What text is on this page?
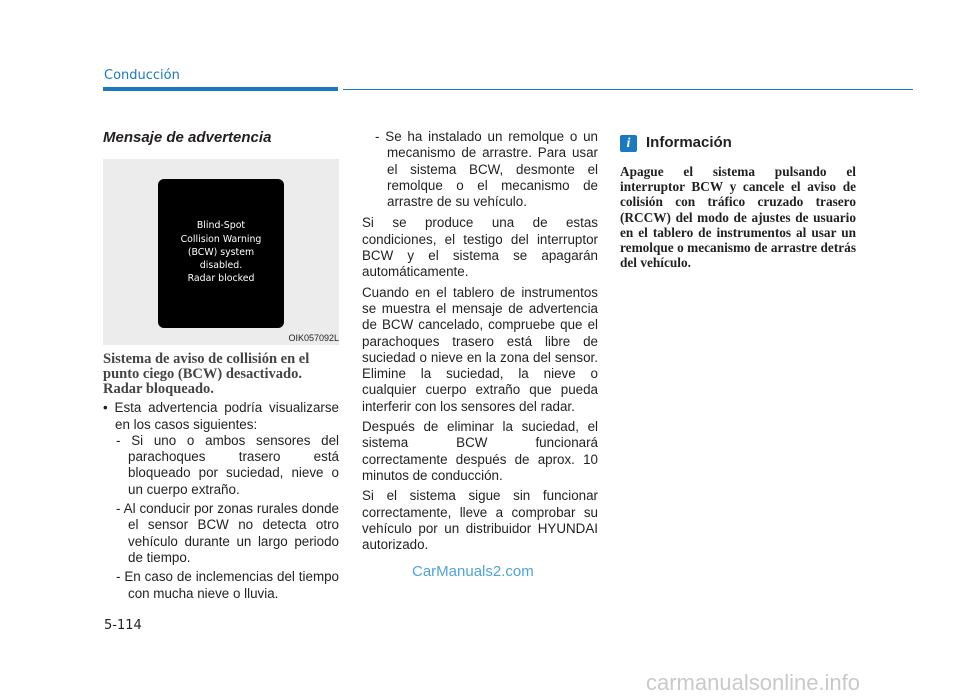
Conducción
Mensaje de advertencia
Blind-Spot
Collision Warning
(BCW) system
disabled.
Radar blocked
OIK057092L
Sistema de aviso de collisión en el punto ciego (BCW) desactivado. Radar bloqueado.

• Esta advertencia podría visualizarse en los casos siguientes:

- Si uno o ambos sensores del parachoques trasero está bloqueado por suciedad, nieve o un cuerpo extraño.

- Al conducir por zonas rurales donde el sensor BCW no detecta otro vehículo durante un largo periodo de tiempo.

- En caso de inclemencias del tiempo con mucha nieve o lluvia.

- Se ha instalado un remolque o un mecanismo de arrastre. Para usar el sistema BCW, desmonte el remolque o el mecanismo de arrastre de su vehículo.

Si se produce una de estas condiciones, el testigo del interruptor BCW y el sistema se apagarán automáticamente.

Cuando en el tablero de instrumentos se muestra el mensaje de advertencia de BCW cancelado, compruebe que el parachoques trasero está libre de suciedad o nieve en la zona del sensor. Elimine la suciedad, la nieve o cualquier cuerpo extraño que pueda interferir con los sensores del radar.

Después de eliminar la suciedad, el sistema BCW funcionará correctamente después de aprox. 10 minutos de conducción.

Si el sistema sigue sin funcionar correctamente, lleve a comprobar su vehículo por un distribuidor HYUNDAI autorizado.

i	Información

Apague el sistema pulsando el interruptor BCW y cancele el aviso de colisión con tráfico cruzado trasero (RCCW) del modo de ajustes de usuario en el tablero de instrumentos al usar un remolque o mecanismo de arrastre detrás del vehículo.

CarManuals2.com
5-114
carmanualsonline.info
